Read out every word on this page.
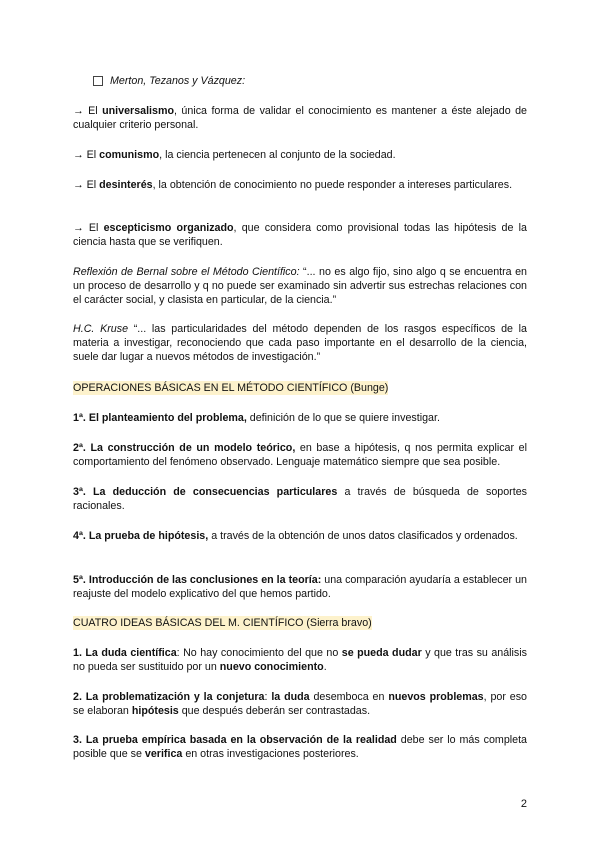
Merton, Tezanos y Vázquez:

→ El universalismo, única forma de validar el conocimiento es mantener a éste alejado de cualquier criterio personal.

→ El comunismo, la ciencia pertenecen al conjunto de la sociedad.

→ El desinterés, la obtención de conocimiento no puede responder a intereses particulares.

→ El escepticismo organizado, que considera como provisional todas las hipótesis de la ciencia hasta que se verifiquen.

Reflexión de Bernal sobre el Método Científico: “... no es algo fijo, sino algo q se encuentra en un proceso de desarrollo y q no puede ser examinado sin advertir sus estrechas relaciones con el carácter social, y clasista en particular, de la ciencia.”

H.C. Kruse “... las particularidades del método dependen de los rasgos específicos de la materia a investigar, reconociendo que cada paso importante en el desarrollo de la ciencia, suele dar lugar a nuevos métodos de investigación.”

OPERACIONES BÁSICAS EN EL MÉTODO CIENTÍFICO (Bunge)

1ª. El planteamiento del problema, definición de lo que se quiere investigar.

2ª. La construcción de un modelo teórico, en base a hipótesis, q nos permita explicar el comportamiento del fenómeno observado. Lenguaje matemático siempre que sea posible.

3ª. La deducción de consecuencias particulares a través de búsqueda de soportes racionales.

4ª. La prueba de hipótesis, a través de la obtención de unos datos clasificados y ordenados.

5ª. Introducción de las conclusiones en la teoría: una comparación ayudaría a establecer un reajuste del modelo explicativo del que hemos partido.

CUATRO IDEAS BÁSICAS DEL M. CIENTÍFICO (Sierra bravo)

1. La duda científica: No hay conocimiento del que no se pueda dudar y que tras su análisis no pueda ser sustituido por un nuevo conocimiento.

2. La problematización y la conjetura: la duda desemboca en nuevos problemas, por eso se elaboran hipótesis que después deberán ser contrastadas.

3. La prueba empírica basada en la observación de la realidad debe ser lo más completa posible que se verifica en otras investigaciones posteriores.

2
